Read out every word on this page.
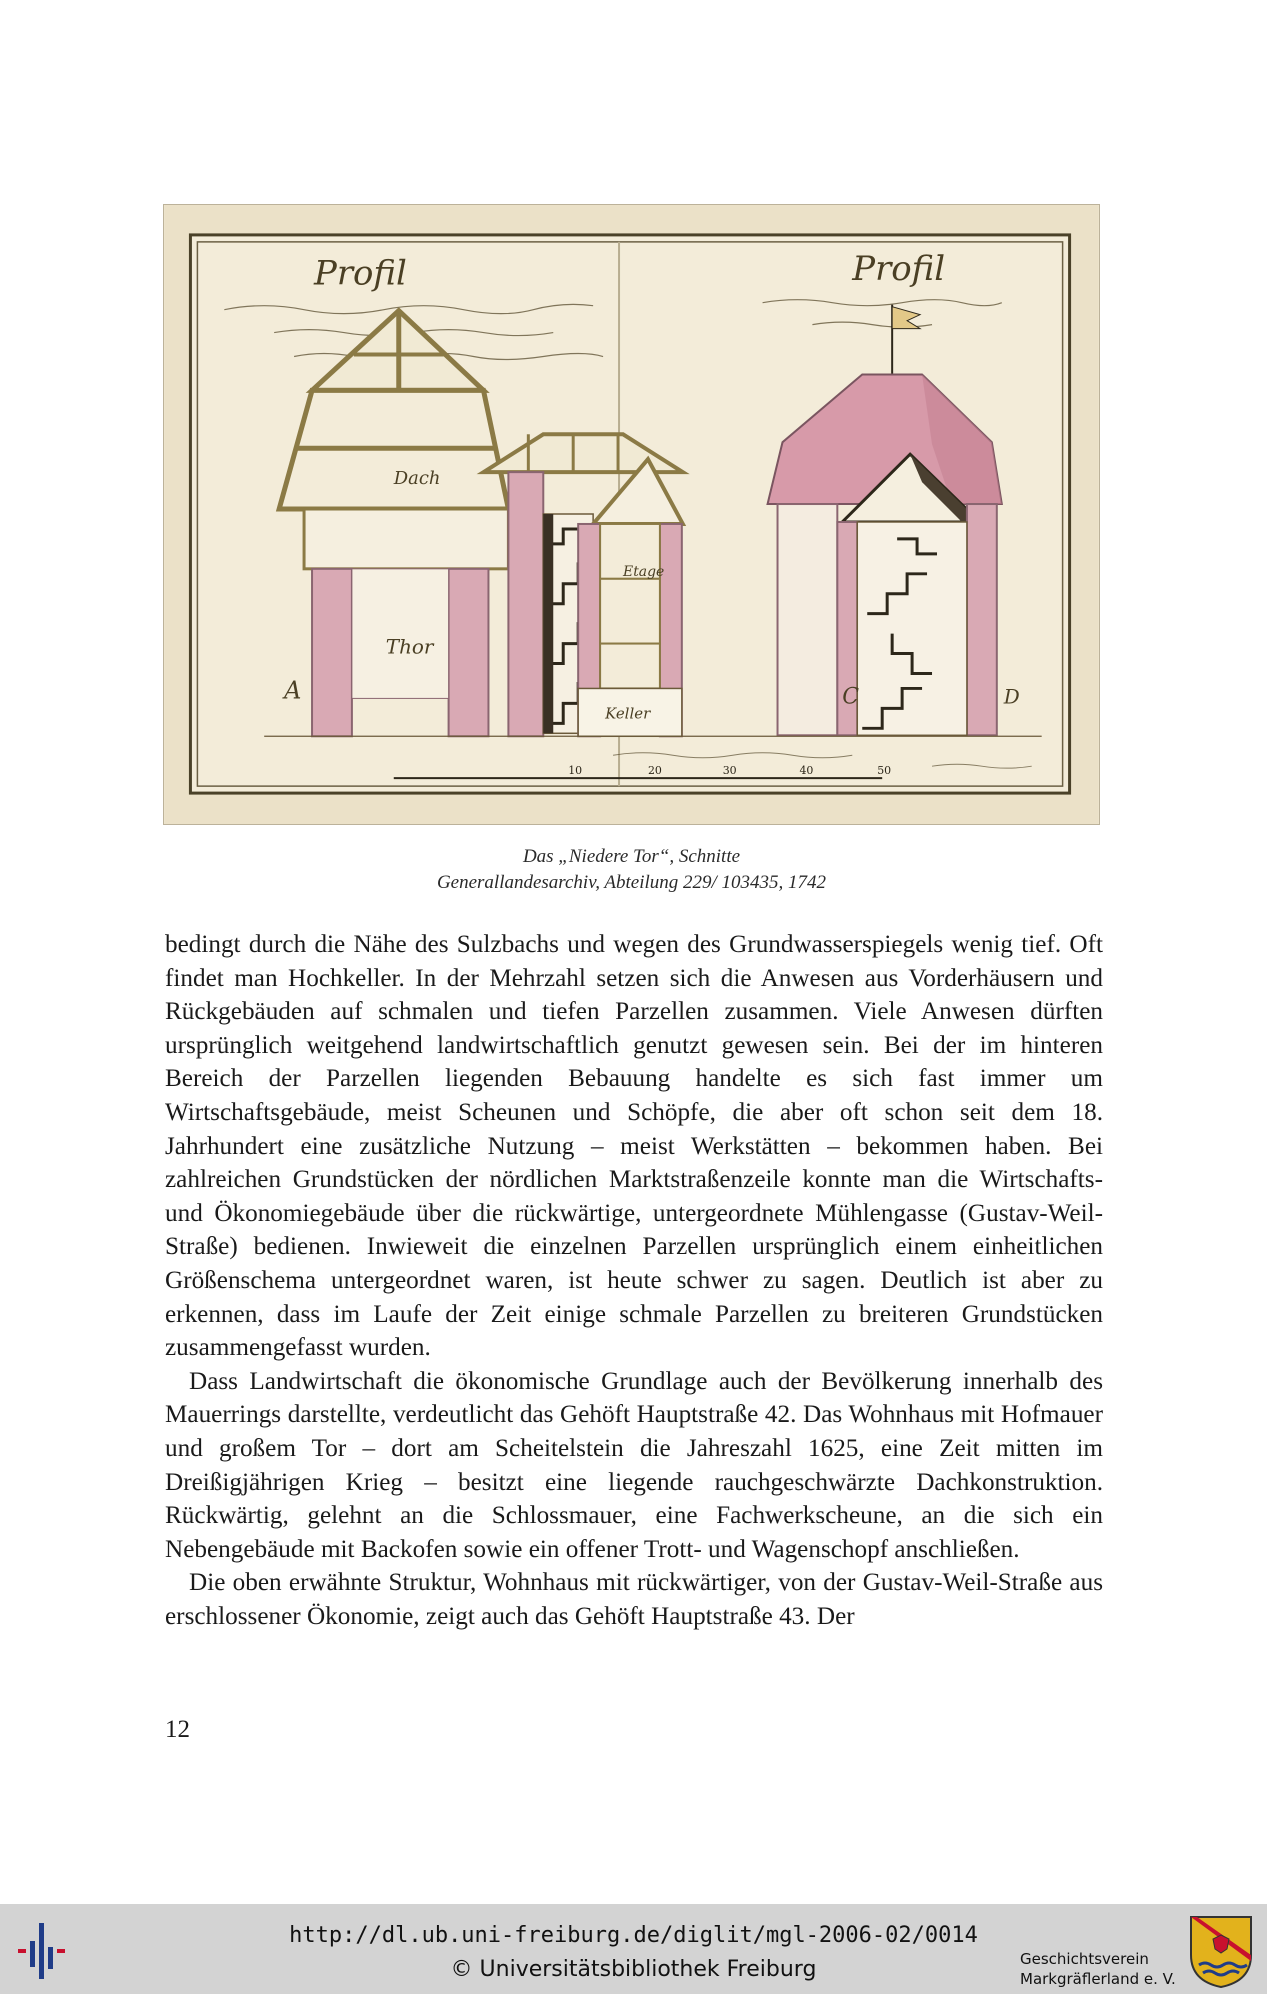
Profil	Profil
A
Dach
Thor
Etage
Keller
C	D
10	20	30	40	50
Das „Niedere Tor“, Schnitte
Generallandesarchiv, Abteilung 229/ 103435, 1742

bedingt durch die Nähe des Sulzbachs und wegen des Grundwasserspiegels wenig tief. Oft findet man Hochkeller. In der Mehrzahl setzen sich die Anwesen aus Vorderhäusern und Rückgebäuden auf schmalen und tiefen Parzellen zusammen. Viele Anwesen dürften ursprünglich weitgehend landwirtschaftlich genutzt gewesen sein. Bei der im hinteren Bereich der Parzellen liegenden Bebauung handelte es sich fast immer um Wirtschaftsgebäude, meist Scheunen und Schöpfe, die aber oft schon seit dem 18. Jahrhundert eine zusätzliche Nutzung – meist Werkstätten – bekommen haben. Bei zahlreichen Grundstücken der nördlichen Marktstraßenzeile konnte man die Wirtschafts- und Ökonomiegebäude über die rückwärtige, untergeordnete Mühlengasse (Gustav-Weil-Straße) bedienen. Inwieweit die einzelnen Parzellen ursprünglich einem einheitlichen Größenschema untergeordnet waren, ist heute schwer zu sagen. Deutlich ist aber zu erkennen, dass im Laufe der Zeit einige schmale Parzellen zu breiteren Grundstücken zusammengefasst wurden.

Dass Landwirtschaft die ökonomische Grundlage auch der Bevölkerung innerhalb des Mauerrings darstellte, verdeutlicht das Gehöft Hauptstraße 42. Das Wohnhaus mit Hofmauer und großem Tor – dort am Scheitelstein die Jahreszahl 1625, eine Zeit mitten im Dreißigjährigen Krieg – besitzt eine liegende rauchgeschwärzte Dachkonstruktion. Rückwärtig, gelehnt an die Schlossmauer, eine Fachwerkscheune, an die sich ein Nebengebäude mit Backofen sowie ein offener Trott- und Wagenschopf anschließen.

Die oben erwähnte Struktur, Wohnhaus mit rückwärtiger, von der Gustav-Weil-Straße aus erschlossener Ökonomie, zeigt auch das Gehöft Hauptstraße 43. Der

12
http://dl.ub.uni-freiburg.de/diglit/mgl-2006-02/0014
© Universitätsbibliothek Freiburg	Geschichtsverein
Markgräflerland e. V.
